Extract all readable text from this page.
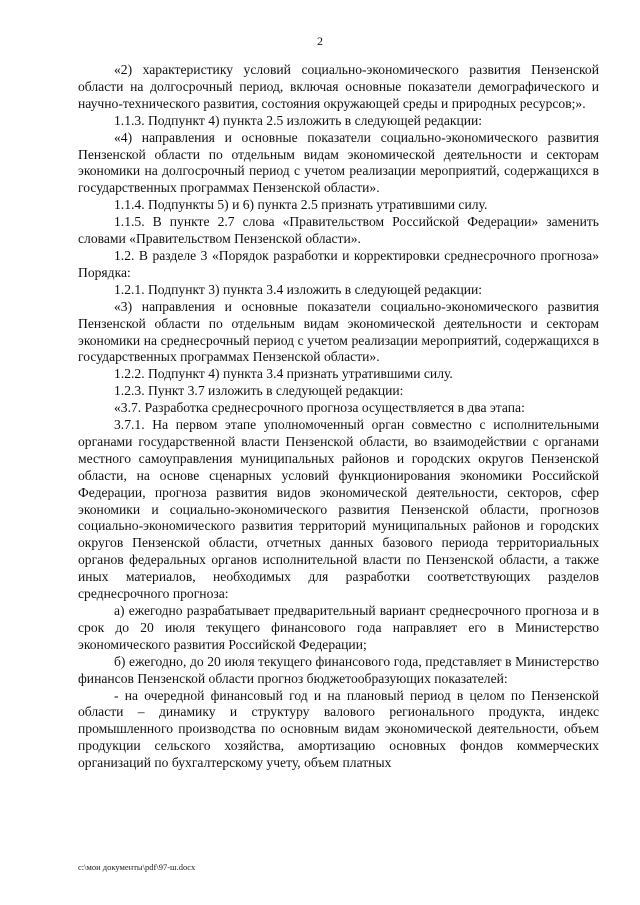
2

«2) характеристику условий социально-экономического развития Пензенской области на долгосрочный период, включая основные показатели демографического и научно-технического развития, состояния окружающей среды и природных ресурсов;».

1.1.3. Подпункт 4) пункта 2.5 изложить в следующей редакции:

«4) направления и основные показатели социально-экономического развития Пензенской области по отдельным видам экономической деятельности и секторам экономики на долгосрочный период с учетом реализации мероприятий, содержащихся в государственных программах Пензенской области».

1.1.4. Подпункты 5) и 6) пункта 2.5 признать утратившими силу.

1.1.5. В пункте 2.7 слова «Правительством Российской Федерации» заменить словами «Правительством Пензенской области».

1.2. В разделе 3 «Порядок разработки и корректировки среднесрочного прогноза» Порядка:

1.2.1. Подпункт 3) пункта 3.4 изложить в следующей редакции:

«3) направления и основные показатели социально-экономического развития Пензенской области по отдельным видам экономической деятельности и секторам экономики на среднесрочный период с учетом реализации мероприятий, содержащихся в государственных программах Пензенской области».

1.2.2. Подпункт 4) пункта 3.4 признать утратившими силу.

1.2.3. Пункт 3.7 изложить в следующей редакции:

«3.7. Разработка среднесрочного прогноза осуществляется в два этапа:

3.7.1. На первом этапе уполномоченный орган совместно с исполнительными органами государственной власти Пензенской области, во взаимодействии с органами местного самоуправления муниципальных районов и городских округов Пензенской области, на основе сценарных условий функционирования экономики Российской Федерации, прогноза развития видов экономической деятельности, секторов, сфер экономики и социально-экономического развития Пензенской области, прогнозов социально-экономического развития территорий муниципальных районов и городских округов Пензенской области, отчетных данных базового периода территориальных органов федеральных органов исполнительной власти по Пензенской области, а также иных материалов, необходимых для разработки соответствующих разделов среднесрочного прогноза:

а) ежегодно разрабатывает предварительный вариант среднесрочного прогноза и в срок до 20 июля текущего финансового года направляет его в Министерство экономического развития Российской Федерации;

б) ежегодно, до 20 июля текущего финансового года, представляет в Министерство финансов Пензенской области прогноз бюджетообразующих показателей:

- на очередной финансовый год и на плановый период в целом по Пензенской области – динамику и структуру валового регионального продукта, индекс промышленного производства по основным видам экономической деятельности, объем продукции сельского хозяйства, амортизацию основных фондов коммерческих организаций по бухгалтерскому учету, объем платных

c:\мои документы\pdf\97-ш.docx
